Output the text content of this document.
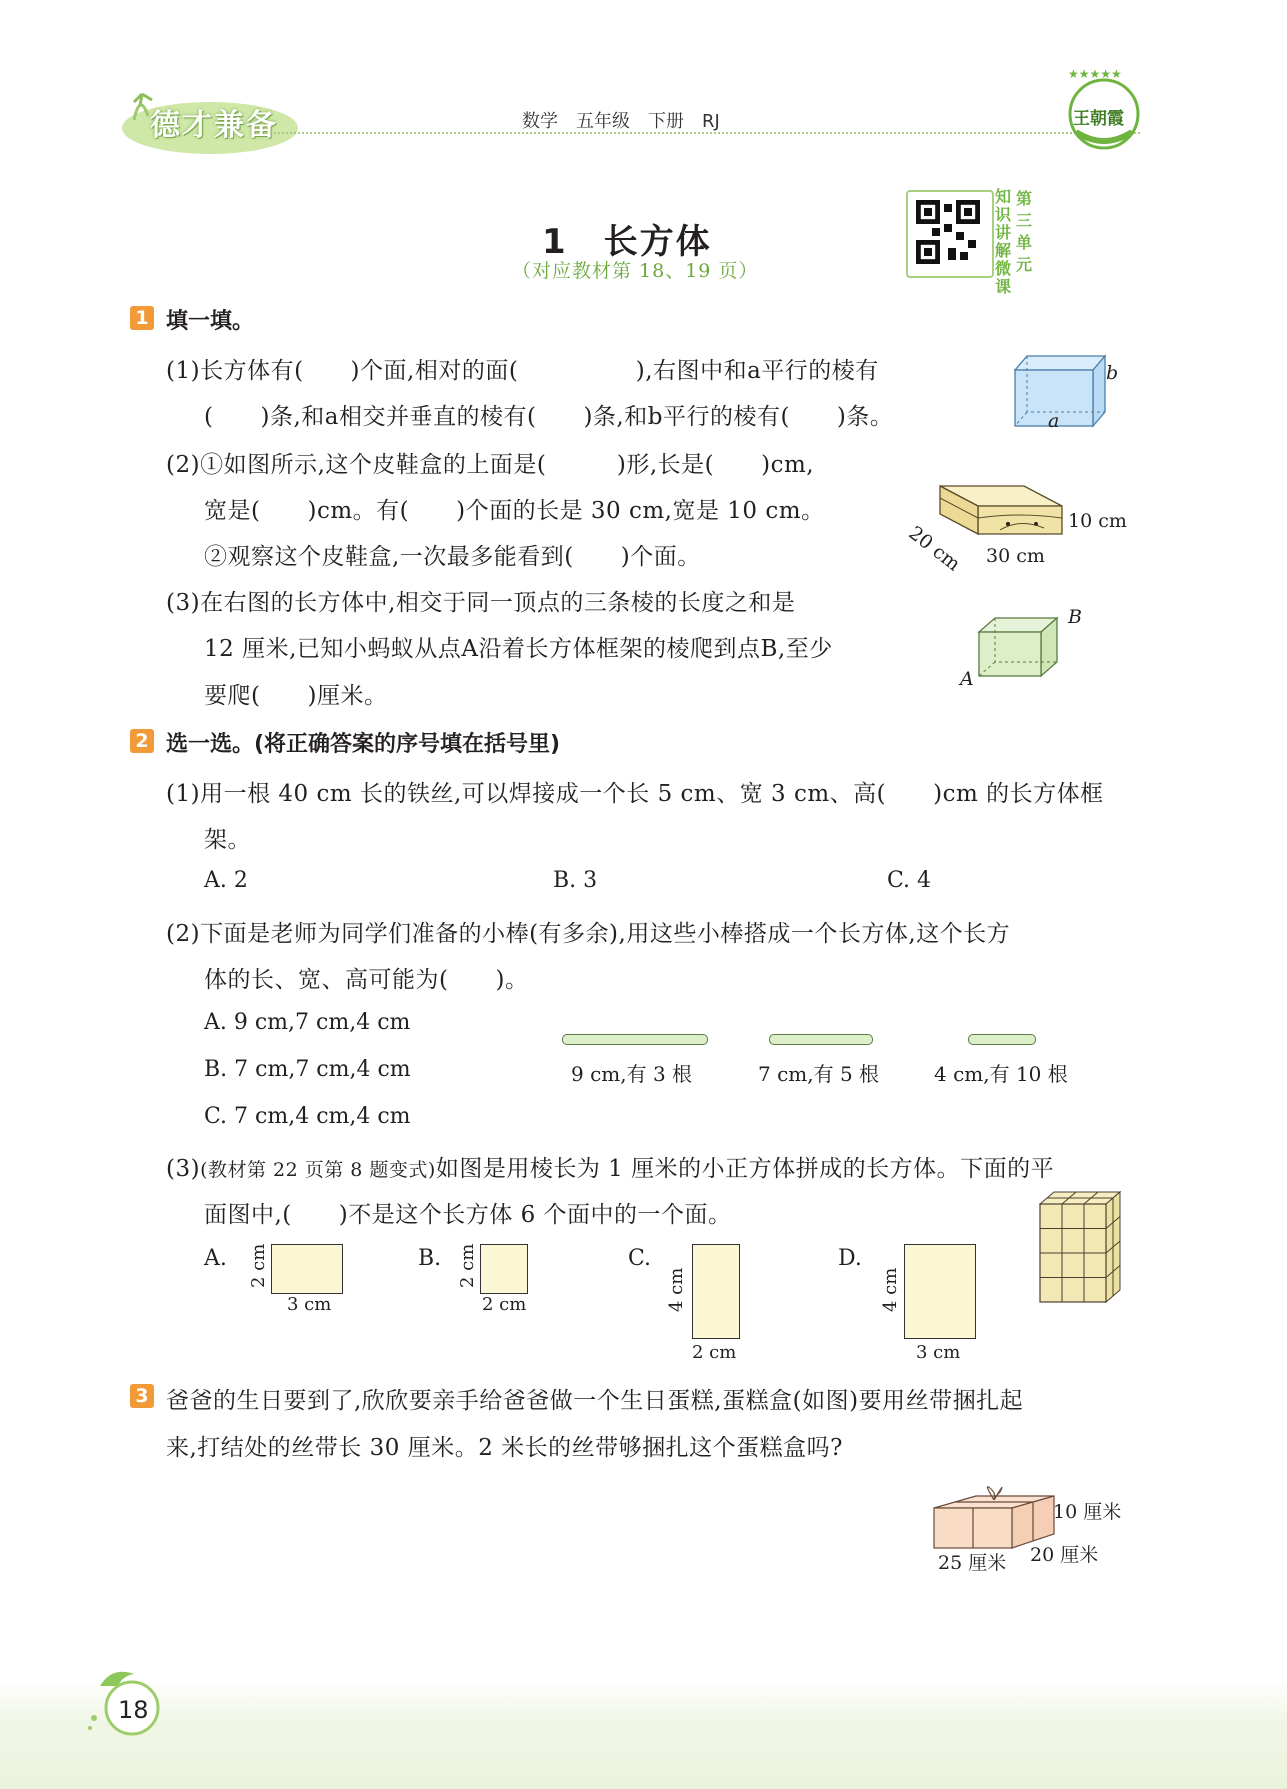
德才兼备	数学　五年级　下册　RJ
★★★★★
王朝霞
1　长方体
（对应教材第 18、19 页）
知识讲解微课
第三单元
1 填一填。
(1)长方体有(　　)个面,相对的面(　　　　　),右图中和a平行的棱有
(　　)条,和a相交并垂直的棱有(　　)条,和b平行的棱有(　　)条。
b
a
(2)①如图所示,这个皮鞋盒的上面是(　　　)形,长是(　　)cm,
宽是(　　)cm。有(　　)个面的长是 30 cm,宽是 10 cm。
②观察这个皮鞋盒,一次最多能看到(　　)个面。
10 cm
20 cm 30 cm
(3)在右图的长方体中,相交于同一顶点的三条棱的长度之和是
12 厘米,已知小蚂蚁从点A沿着长方体框架的棱爬到点B,至少
要爬(　　)厘米。
B
A
2 选一选。(将正确答案的序号填在括号里)
(1)用一根 40 cm 长的铁丝,可以焊接成一个长 5 cm、宽 3 cm、高(　　)cm 的长方体框
架。
A. 2	B. 3	C. 4
(2)下面是老师为同学们准备的小棒(有多余),用这些小棒搭成一个长方体,这个长方
体的长、宽、高可能为(　　)。
A. 9 cm,7 cm,4 cm
B. 7 cm,7 cm,4 cm
C. 7 cm,4 cm,4 cm
9 cm,有 3 根	7 cm,有 5 根	4 cm,有 10 根
(3)(教材第 22 页第 8 题变式)如图是用棱长为 1 厘米的小正方体拼成的长方体。下面的平
面图中,(　　)不是这个长方体 6 个面中的一个面。
A. 2 cm
3 cm
B. 2 cm
2 cm
C.
4 cm
2 cm
D.
4 cm
3 cm
3 爸爸的生日要到了,欣欣要亲手给爸爸做一个生日蛋糕,蛋糕盒(如图)要用丝带捆扎起
来,打结处的丝带长 30 厘米。2 米长的丝带够捆扎这个蛋糕盒吗?
10 厘米
25 厘米 20 厘米
18
